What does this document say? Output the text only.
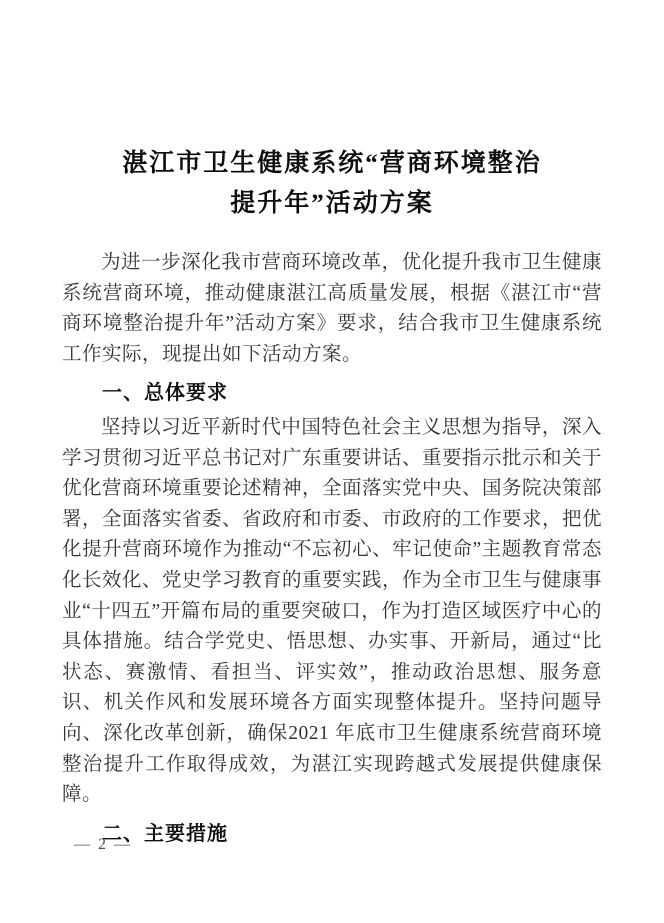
湛江市卫生健康系统“营商环境整治
提升年”活动方案

为进一步深化我市营商环境改革，优化提升我市卫生健康系统营商环境，推动健康湛江高质量发展，根据《湛江市“营商环境整治提升年”活动方案》要求，结合我市卫生健康系统工作实际，现提出如下活动方案。

一、总体要求

坚持以习近平新时代中国特色社会主义思想为指导，深入学习贯彻习近平总书记对广东重要讲话、重要指示批示和关于优化营商环境重要论述精神，全面落实党中央、国务院决策部署，全面落实省委、省政府和市委、市政府的工作要求，把优化提升营商环境作为推动“不忘初心、牢记使命”主题教育常态化长效化、党史学习教育的重要实践，作为全市卫生与健康事业“十四五”开篇布局的重要突破口，作为打造区域医疗中心的具体措施。结合学党史、悟思想、办实事、开新局，通过“比状态、赛激情、看担当、评实效”，推动政治思想、服务意识、机关作风和发展环境各方面实现整体提升。坚持问题导向、深化改革创新，确保2021 年底市卫生健康系统营商环境整治提升工作取得成效，为湛江实现跨越式发展提供健康保障。

二、主要措施
— 2 —
